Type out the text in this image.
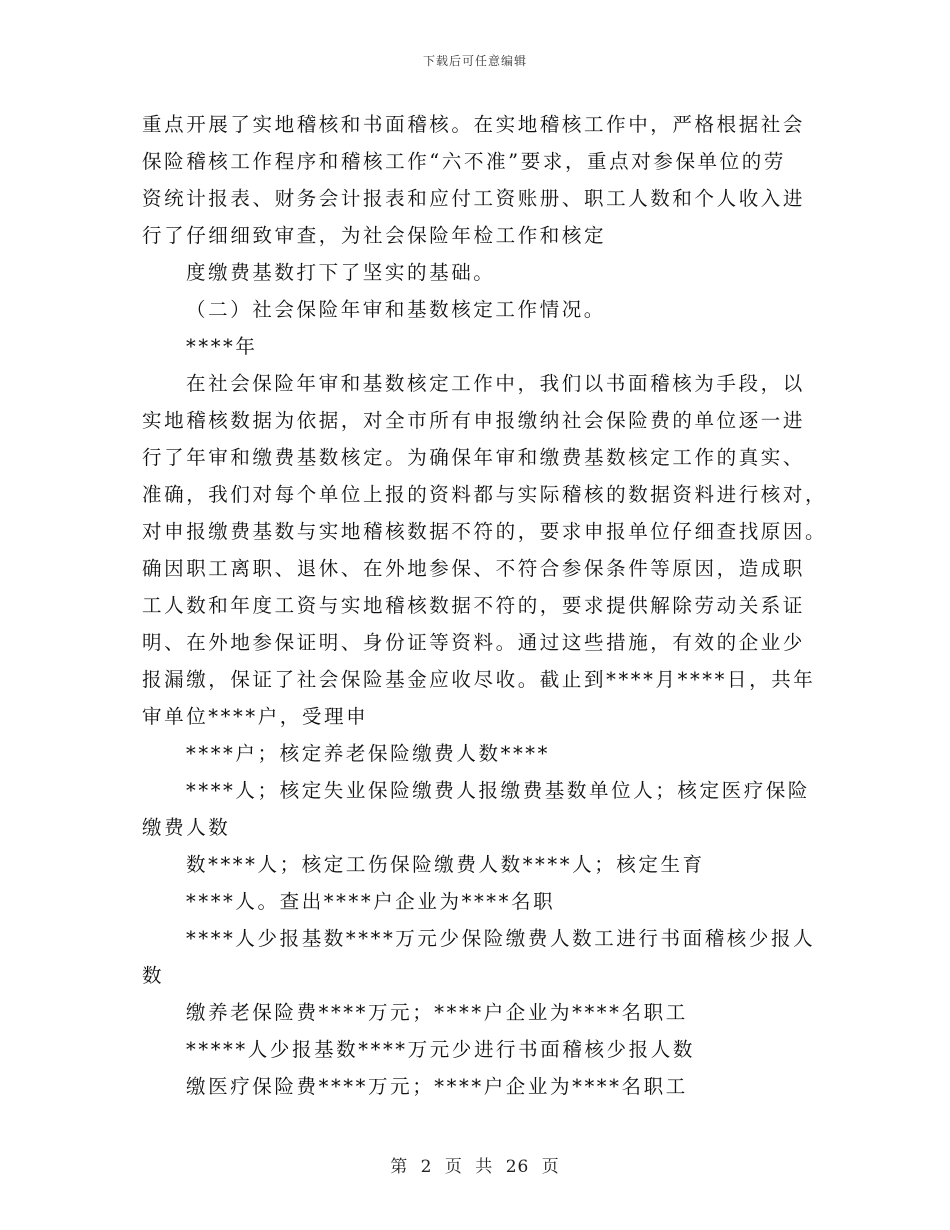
下载后可任意编辑
重点开展了实地稽核和书面稽核。在实地稽核工作中，严格根据社会
保险稽核工作程序和稽核工作“六不准”要求，重点对参保单位的劳
资统计报表、财务会计报表和应付工资账册、职工人数和个人收入进
行了仔细细致审查，为社会保险年检工作和核定
度缴费基数打下了坚实的基础。
（二）社会保险年审和基数核定工作情况。
****年
在社会保险年审和基数核定工作中，我们以书面稽核为手段，以
实地稽核数据为依据，对全市所有申报缴纳社会保险费的单位逐一进
行了年审和缴费基数核定。为确保年审和缴费基数核定工作的真实、
准确，我们对每个单位上报的资料都与实际稽核的数据资料进行核对，
对申报缴费基数与实地稽核数据不符的，要求申报单位仔细查找原因。
确因职工离职、退休、在外地参保、不符合参保条件等原因，造成职
工人数和年度工资与实地稽核数据不符的，要求提供解除劳动关系证
明、在外地参保证明、身份证等资料。通过这些措施，有效的企业少
报漏缴，保证了社会保险基金应收尽收。截止到****月****日，共年
审单位****户，受理申
****户；核定养老保险缴费人数****
****人；核定失业保险缴费人报缴费基数单位人；核定医疗保险
缴费人数
数****人；核定工伤保险缴费人数****人；核定生育
****人。查出****户企业为****名职
****人少报基数****万元少保险缴费人数工进行书面稽核少报人
数
缴养老保险费****万元；****户企业为****名职工
*****人少报基数****万元少进行书面稽核少报人数
缴医疗保险费****万元；****户企业为****名职工
第 2 页 共 26 页
